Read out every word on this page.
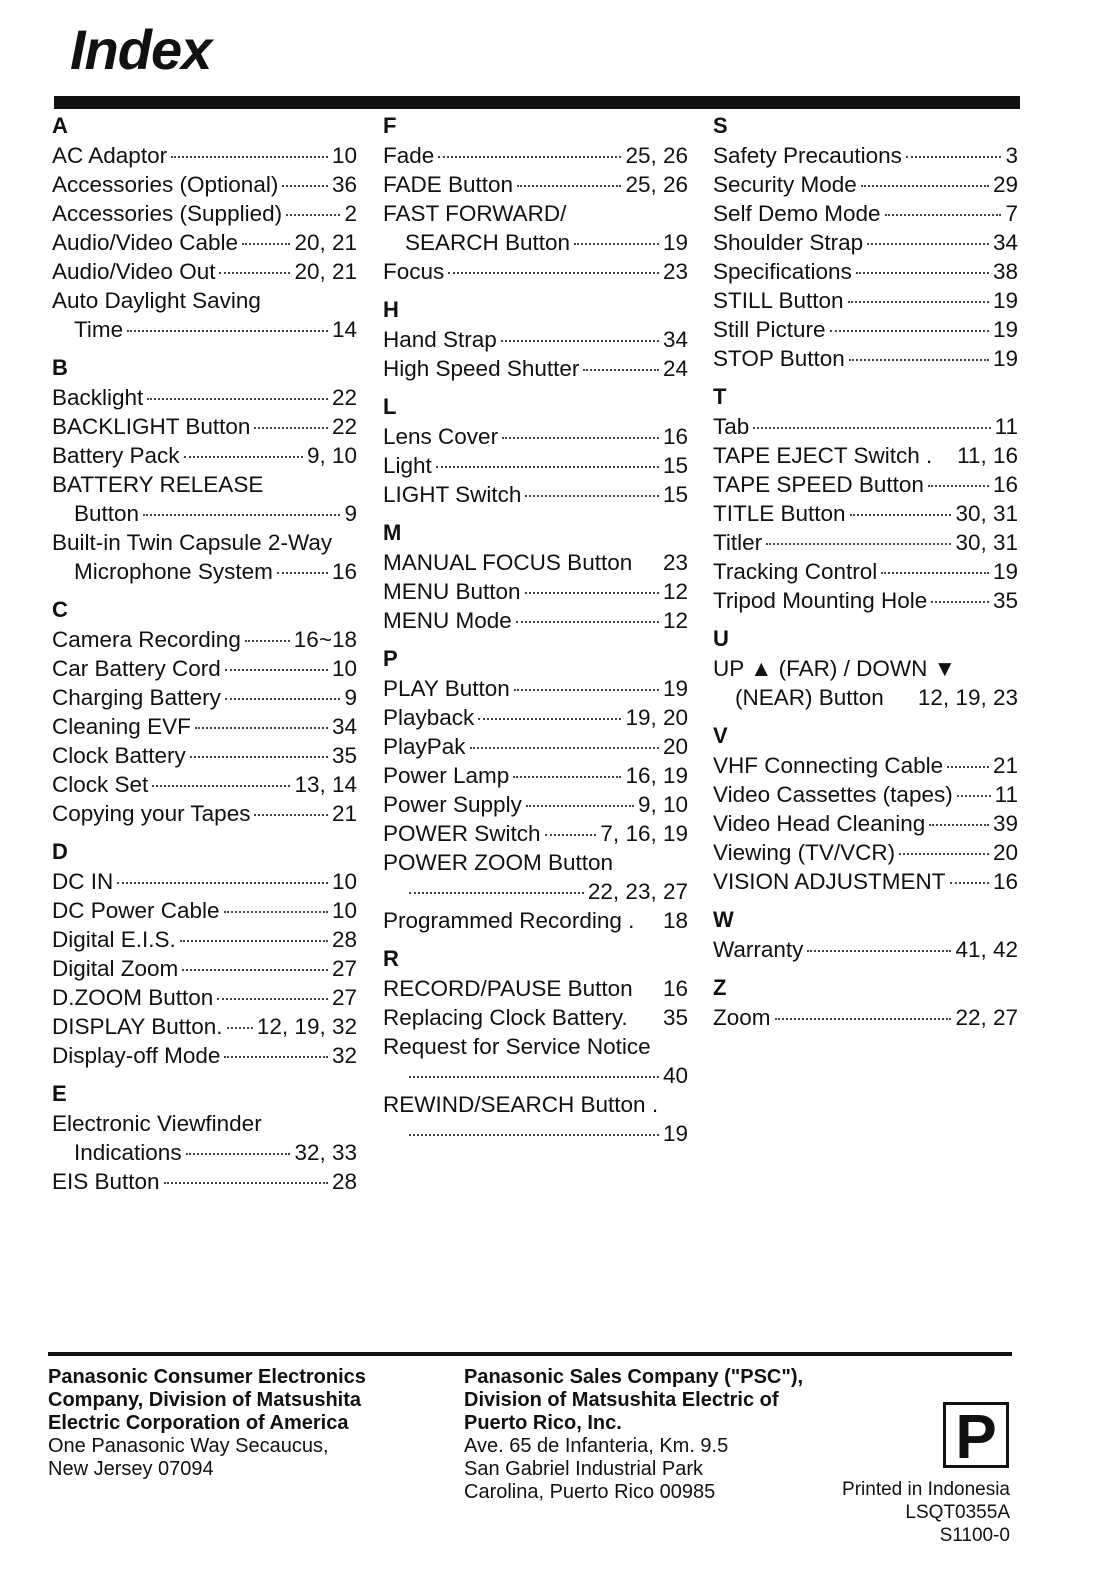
Index
A
AC Adaptor	10
Accessories (Optional) 36
Accessories (Supplied)	2
Audio/Video Cable	20, 21
Audio/Video Out	20, 21
Auto Daylight Saving
Time	14
B
Backlight	22
BACKLIGHT Button	22
Battery Pack	9, 10
BATTERY RELEASE
Button	9
Built-in Twin Capsule 2-Way
Microphone System	16
C
Camera Recording 16~18
Car Battery Cord	10
Charging Battery	9
Cleaning EVF	34
Clock Battery	35
Clock Set	13, 14
Copying your Tapes	21
D
DC IN	10
DC Power Cable	10
Digital E.I.S.	28
Digital Zoom	27
D.ZOOM Button	27
DISPLAY Button. 12, 19, 32
Display-off Mode	32
E
Electronic Viewfinder
Indications	32, 33
EIS Button	28
F
Fade	25, 26
FADE Button	25, 26
FAST FORWARD/
SEARCH Button	19
Focus	23
H
Hand Strap	34
High Speed Shutter	24
L
Lens Cover	16
Light	15
LIGHT Switch	15
M
MANUAL FOCUS Button 23
MENU Button	12
MENU Mode	12
P
PLAY Button	19
Playback	19, 20
PlayPak	20
Power Lamp	16, 19
Power Supply	9, 10
POWER Switch	7, 16, 19
POWER ZOOM Button
22, 23, 27
Programmed Recording . 18
R
RECORD/PAUSE Button 16
Replacing Clock Battery. 35
Request for Service Notice
40
REWIND/SEARCH Button .
19
S
Safety Precautions	3
Security Mode	29
Self Demo Mode	7
Shoulder Strap	34
Specifications	38
STILL Button	19
Still Picture	19
STOP Button	19
T
Tab	11
TAPE EJECT Switch . 11, 16
TAPE SPEED Button	16
TITLE Button	30, 31
Titler	30, 31
Tracking Control	19
Tripod Mounting Hole	35
U
UP ▲ (FAR) / DOWN ▼
(NEAR) Button 12, 19, 23
V
VHF Connecting Cable 21
Video Cassettes (tapes) 11
Video Head Cleaning	39
Viewing (TV/VCR)	20
VISION ADJUSTMENT 16
W
Warranty	41, 42
Z
Zoom	22, 27
Panasonic Consumer Electronics
Company, Division of Matsushita
Electric Corporation of America
One Panasonic Way Secaucus,
New Jersey 07094
Panasonic Sales Company ("PSC"),
Division of Matsushita Electric of
Puerto Rico, Inc.
Ave. 65 de Infanteria, Km. 9.5
San Gabriel Industrial Park
Carolina, Puerto Rico 00985
P
Printed in Indonesia
LSQT0355A
S1100-0
